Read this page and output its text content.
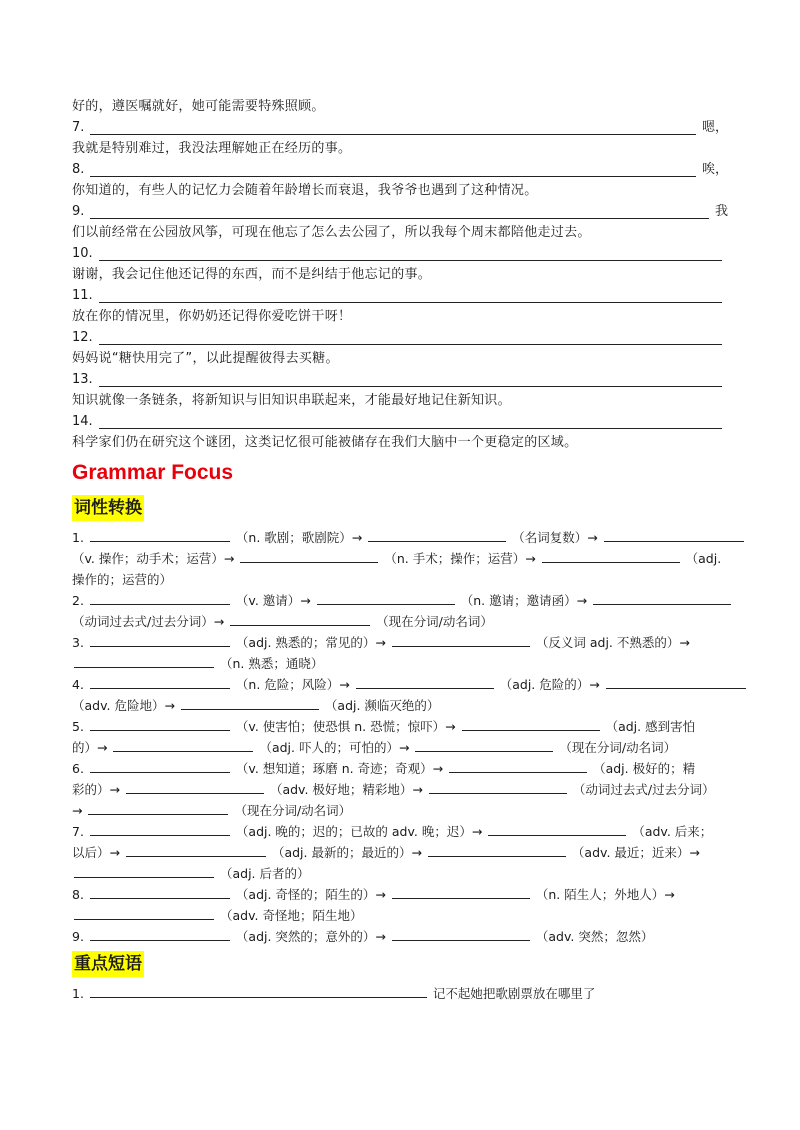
好的，遵医嘱就好，她可能需要特殊照顾。
7.	嗯，
我就是特别难过，我没法理解她正在经历的事。
8.	唉，
你知道的，有些人的记忆力会随着年龄增长而衰退，我爷爷也遇到了这种情况。
9.	我
们以前经常在公园放风筝，可现在他忘了怎么去公园了，所以我每个周末都陪他走过去。
10.
谢谢，我会记住他还记得的东西，而不是纠结于他忘记的事。
11.
放在你的情况里，你奶奶还记得你爱吃饼干呀！
12.
妈妈说“糖快用完了”，以此提醒彼得去买糖。
13.
知识就像一条链条，将新知识与旧知识串联起来，才能最好地记住新知识。
14.
科学家们仍在研究这个谜团，这类记忆很可能被储存在我们大脑中一个更稳定的区域。
Grammar Focus
词性转换
1.	（n. 歌剧；歌剧院）→	（名词复数）→
（v. 操作；动手术；运营）→	（n. 手术；操作；运营）→	（adj.
操作的；运营的）
2.	（v. 邀请）→	（n. 邀请；邀请函）→
（动词过去式/过去分词）→	（现在分词/动名词）
3.	（adj. 熟悉的；常见的）→	（反义词 adj. 不熟悉的）→
（n. 熟悉；通晓）
4.	（n. 危险；风险）→	（adj. 危险的）→
（adv. 危险地）→	（adj. 濒临灭绝的）
5.	（v. 使害怕；使恐惧 n. 恐慌；惊吓）→	（adj. 感到害怕
的）→	（adj. 吓人的；可怕的）→	（现在分词/动名词）
6.	（v. 想知道；琢磨 n. 奇迹；奇观）→	（adj. 极好的；精
彩的）→	（adv. 极好地；精彩地）→	（动词过去式/过去分词）
→	（现在分词/动名词）
7.	（adj. 晚的；迟的；已故的 adv. 晚；迟）→	（adv. 后来；
以后）→	（adj. 最新的；最近的）→	（adv. 最近；近来）→
（adj. 后者的）
8.	（adj. 奇怪的；陌生的）→	（n. 陌生人；外地人）→
（adv. 奇怪地；陌生地）
9.	（adj. 突然的；意外的）→	（adv. 突然；忽然）
重点短语
1.	记不起她把歌剧票放在哪里了
